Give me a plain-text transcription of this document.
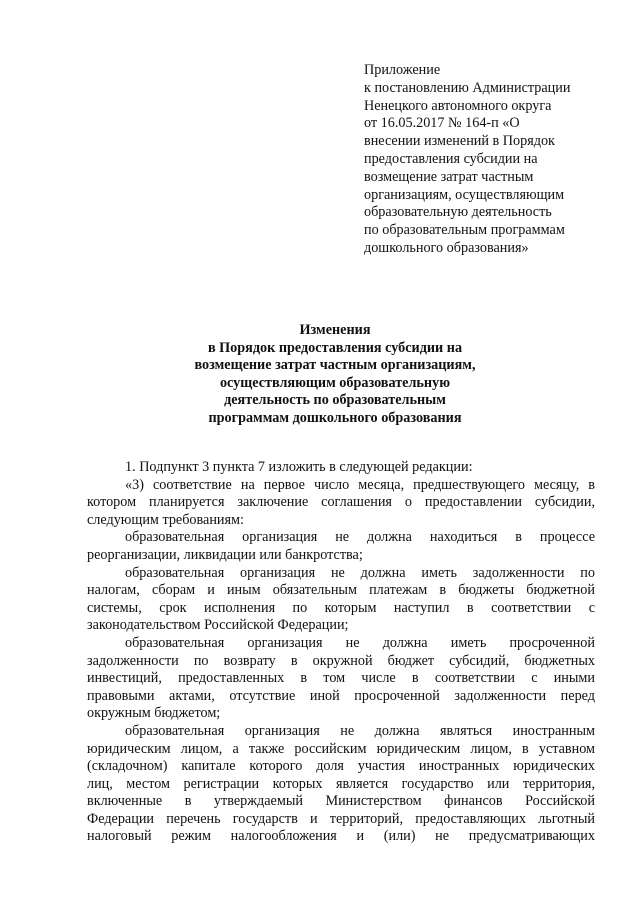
Приложение
к постановлению Администрации
Ненецкого автономного округа
от 16.05.2017 № 164-п «О
внесении изменений в Порядок
предоставления субсидии на
возмещение затрат частным
организациям, осуществляющим
образовательную деятельность
по образовательным программам
дошкольного образования»
Изменения
в Порядок предоставления субсидии на
возмещение затрат частным организациям,
осуществляющим образовательную
деятельность по образовательным
программам дошкольного образования
1. Подпункт 3 пункта 7 изложить в следующей редакции:
«3) соответствие на первое число месяца, предшествующего месяцу, в
котором планируется заключение соглашения о предоставлении субсидии,
следующим требованиям:
образовательная организация не должна находиться в процессе
реорганизации, ликвидации или банкротства;
образовательная организация не должна иметь задолженности по
налогам, сборам и иным обязательным платежам в бюджеты бюджетной
системы, срок исполнения по которым наступил в соответствии с
законодательством Российской Федерации;
образовательная организация не должна иметь просроченной
задолженности по возврату в окружной бюджет субсидий, бюджетных
инвестиций, предоставленных в том числе в соответствии с иными
правовыми актами, отсутствие иной просроченной задолженности перед
окружным бюджетом;
образовательная организация не должна являться иностранным
юридическим лицом, а также российским юридическим лицом, в уставном
(складочном) капитале которого доля участия иностранных юридических
лиц, местом регистрации которых является государство или территория,
включенные в утверждаемый Министерством финансов Российской
Федерации перечень государств и территорий, предоставляющих льготный
налоговый режим налогообложения и (или) не предусматривающих
